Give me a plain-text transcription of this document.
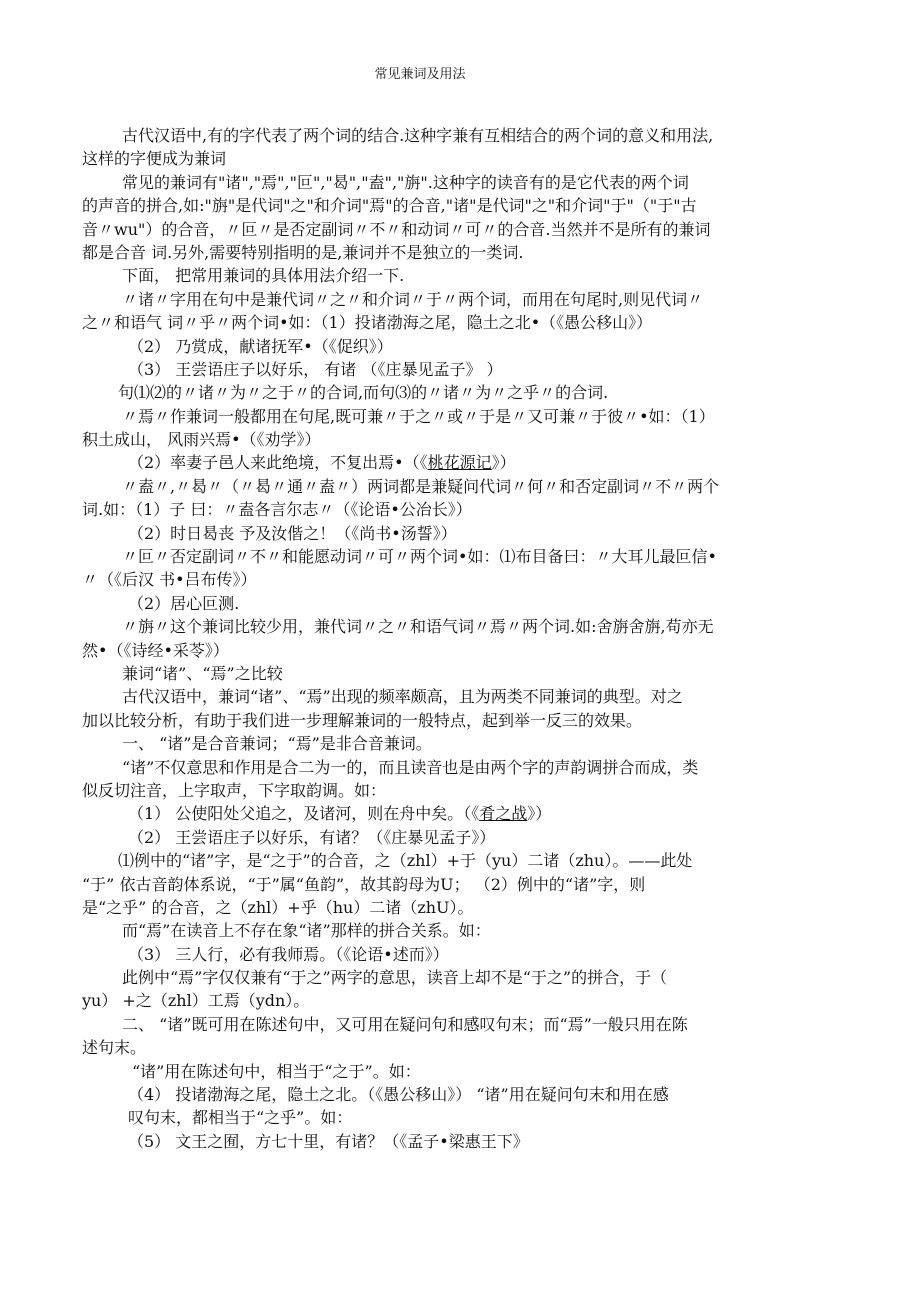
常见兼词及用法
古代汉语中,有的字代表了两个词的结合.这种字兼有互相结合的两个词的意义和用法,
这样的字便成为兼词
常见的兼词有"诸","焉","叵","曷","盍","旃".这种字的读音有的是它代表的两个词
的声音的拼合,如:"旃"是代词"之"和介词"焉"的合音,"诸"是代词"之"和介词"于"（"于"古
音〃wu"）的合音，〃叵〃是否定副词〃不〃和动词〃可〃的合音.当然并不是所有的兼词
都是合音 词.另外,需要特别指明的是,兼词并不是独立的一类词.
下面， 把常用兼词的具体用法介绍一下.
〃诸〃字用在句中是兼代词〃之〃和介词〃于〃两个词，而用在句尾时,则见代词〃
之〃和语气 词〃乎〃两个词•如：（1）投诸渤海之尾，隐土之北•（《愚公移山》）
（2） 乃赏成，献诸抚军•（《促织》）
（3） 王尝语庄子以好乐， 有诸 （《庄暴见孟子》 ）
句⑴⑵的〃诸〃为〃之于〃的合词,而句⑶的〃诸〃为〃之乎〃的合词.
〃焉〃作兼词一般都用在句尾,既可兼〃于之〃或〃于是〃又可兼〃于彼〃•如：（1）
积土成山， 风雨兴焉•（《劝学》）
（2）率妻子邑人来此绝境，不复出焉•（《桃花源记》）
〃盍〃,〃曷〃（〃曷〃通〃盍〃）两词都是兼疑问代词〃何〃和否定副词〃不〃两个
词.如：（1）子 曰：〃盍各言尔志〃（《论语•公冶长》）
（2）时日曷丧 予及汝偕之！（《尚书•汤誓》）
〃叵〃否定副词〃不〃和能愿动词〃可〃两个词•如：⑴布目备曰：〃大耳儿最叵信•
〃（《后汉 书•吕布传》）
（2）居心叵测.
〃旃〃这个兼词比较少用，兼代词〃之〃和语气词〃焉〃两个词.如:舍旃舍旃,苟亦无
然•（《诗经•采苓》）
兼词“诸”、“焉”之比较
古代汉语中，兼词“诸”、“焉”出现的频率颇高，且为两类不同兼词的典型。对之
加以比较分析，有助于我们进一步理解兼词的一般特点，起到举一反三的效果。
一、 “诸”是合音兼词；“焉”是非合音兼词。
“诸”不仅意思和作用是合二为一的，而且读音也是由两个字的声韵调拼合而成，类
似反切注音，上字取声，下字取韵调。如：
（1） 公使阳处父追之，及诸河，则在舟中矣。（《肴之战》）
（2） 王尝语庄子以好乐，有诸？（《庄暴见孟子》）
⑴例中的“诸”字，是“之于”的合音，之（zhl）+于（yu）二诸（zhu）。——此处
“于” 依古音韵体系说，“于”属“鱼韵”，故其韵母为U； （2）例中的“诸”字，则
是“之乎” 的合音，之（zhl）+乎（hu）二诸（zhU）。
而“焉”在读音上不存在象“诸”那样的拼合关系。如：
（3） 三人行，必有我师焉。（《论语•述而》）
此例中“焉”字仅仅兼有“于之”两字的意思，读音上却不是“于之”的拼合，于（
yu） +之（zhl）工焉（ydn）。
二、 “诸”既可用在陈述句中，又可用在疑问句和感叹句末；而“焉”一般只用在陈
述句末。
“诸”用在陈述句中，相当于“之于”。如：
（4） 投诸渤海之尾，隐土之北。（《愚公移山》） “诸”用在疑问句末和用在感
叹句末，都相当于“之乎”。如：
（5） 文王之囿，方七十里，有诸？（《孟子•梁惠王下》
